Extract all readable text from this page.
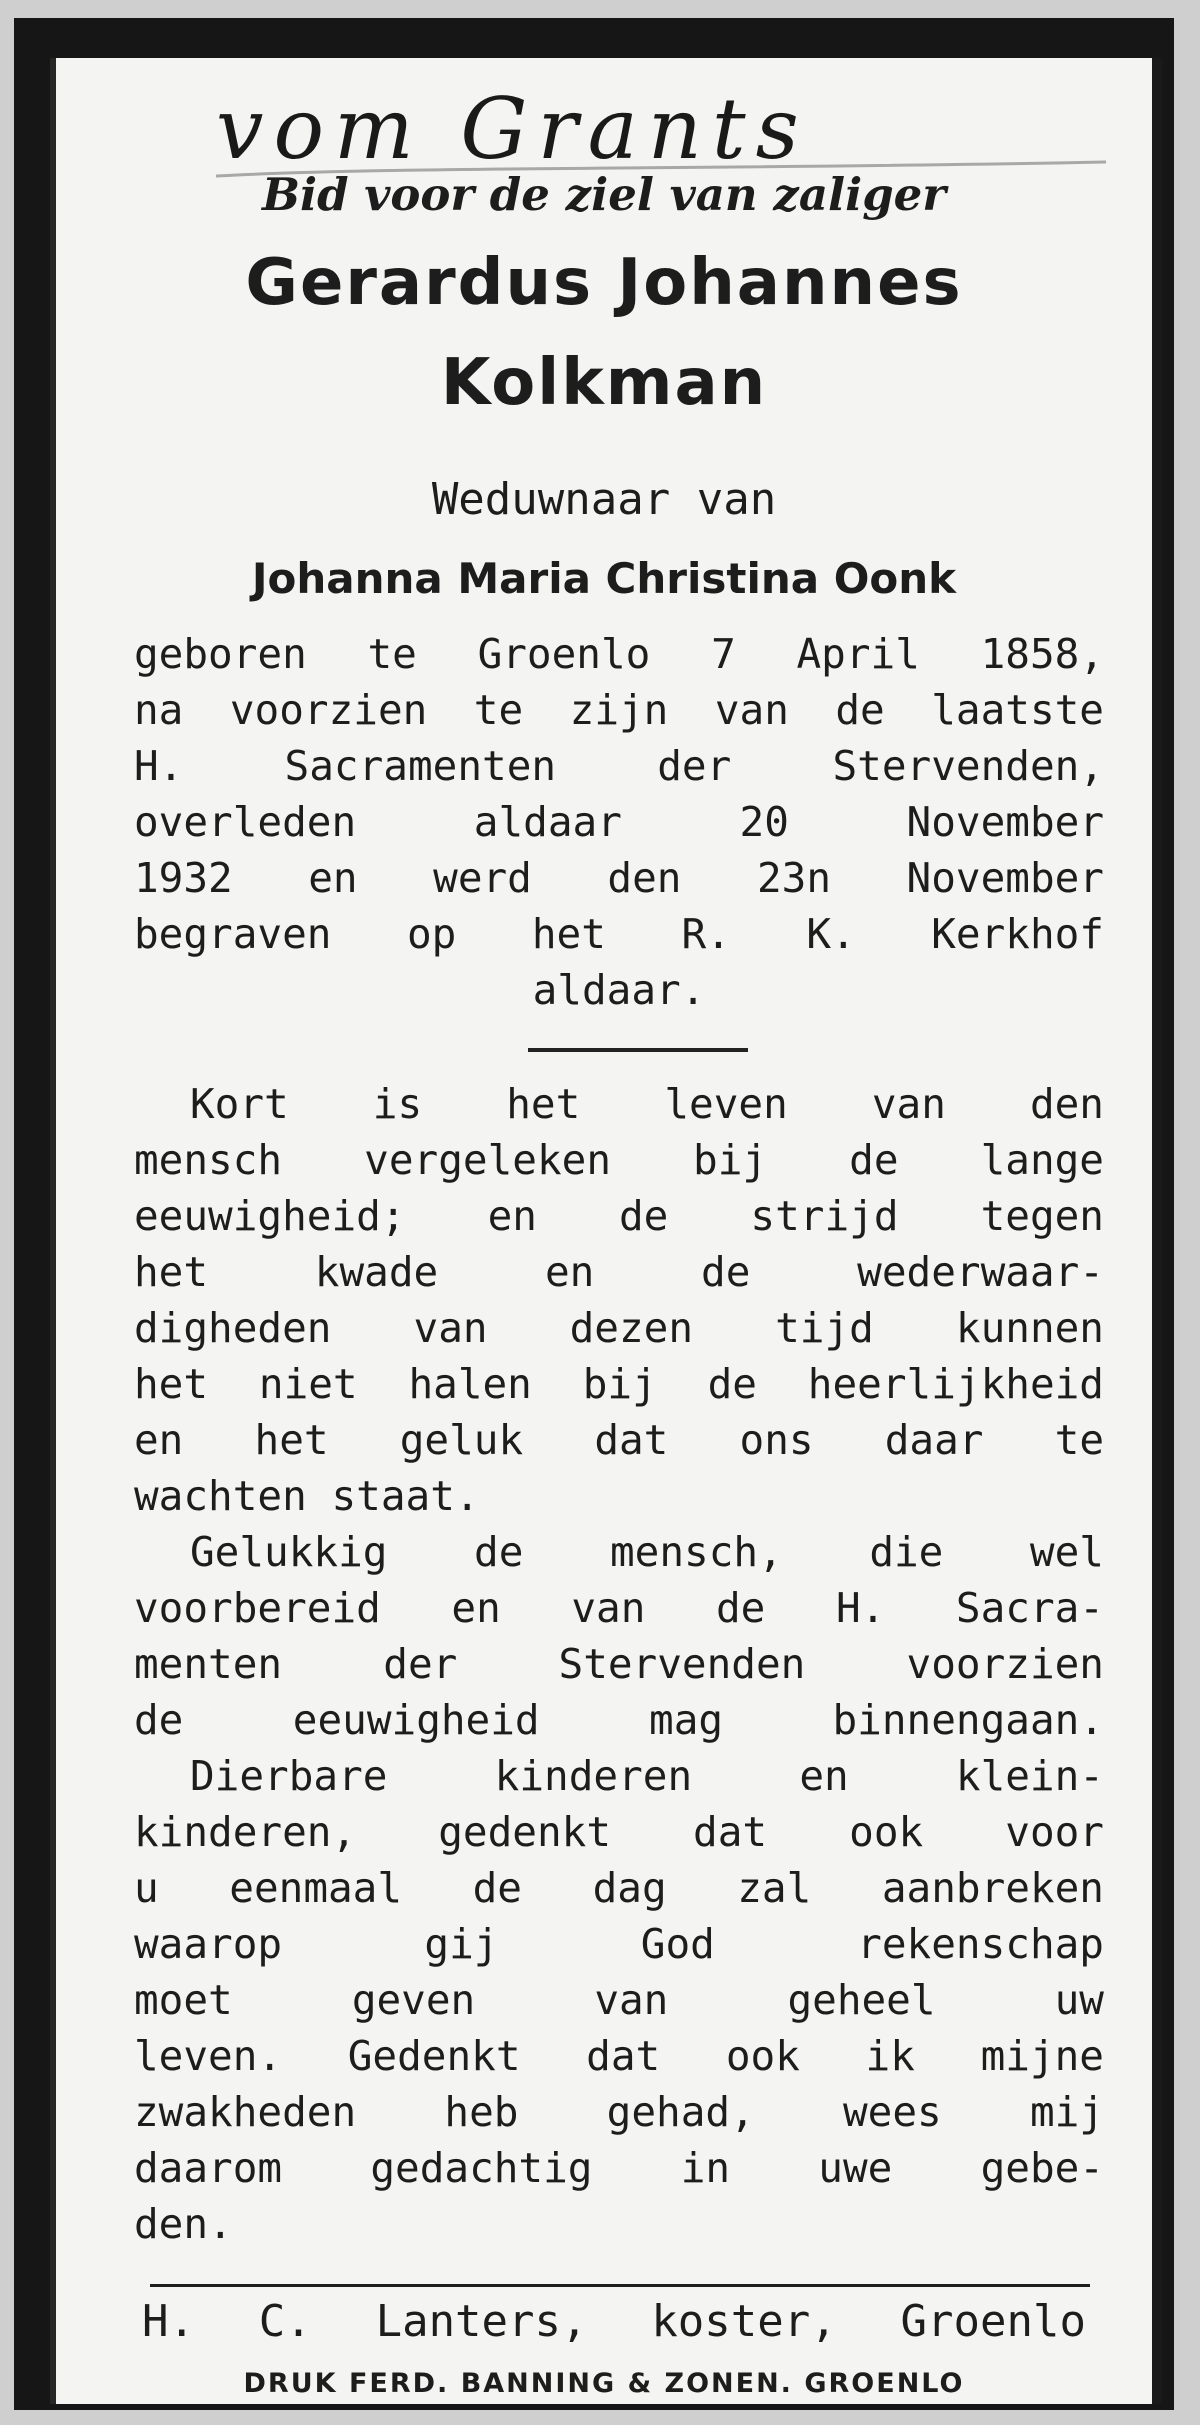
vom Grants
Bid voor de ziel van zaliger
Gerardus Johannes
Kolkman
Weduwnaar van
Johanna Maria Christina Oonk
geboren te Groenlo 7 April 1858,
na voorzien te zijn van de laatste
H. Sacramenten der Stervenden,
overleden aldaar 20 November
1932 en werd den 23n November
begraven op het R. K. Kerkhof
aldaar.
Kort is het leven van den
mensch vergeleken bij de lange
eeuwigheid; en de strijd tegen
het kwade en de wederwaar-
digheden van dezen tijd kunnen
het niet halen bij de heerlijkheid
en het geluk dat ons daar te
wachten staat.
Gelukkig de mensch, die wel
voorbereid en van de H. Sacra-
menten der Stervenden voorzien
de eeuwigheid mag binnengaan.
Dierbare kinderen en klein-
kinderen, gedenkt dat ook voor
u eenmaal de dag zal aanbreken
waarop gij God rekenschap
moet geven van geheel uw
leven. Gedenkt dat ook ik mijne
zwakheden heb gehad, wees mij
daarom gedachtig in uwe gebe-
den.
H. C. Lanters, koster, Groenlo
DRUK FERD. BANNING & ZONEN. GROENLO
